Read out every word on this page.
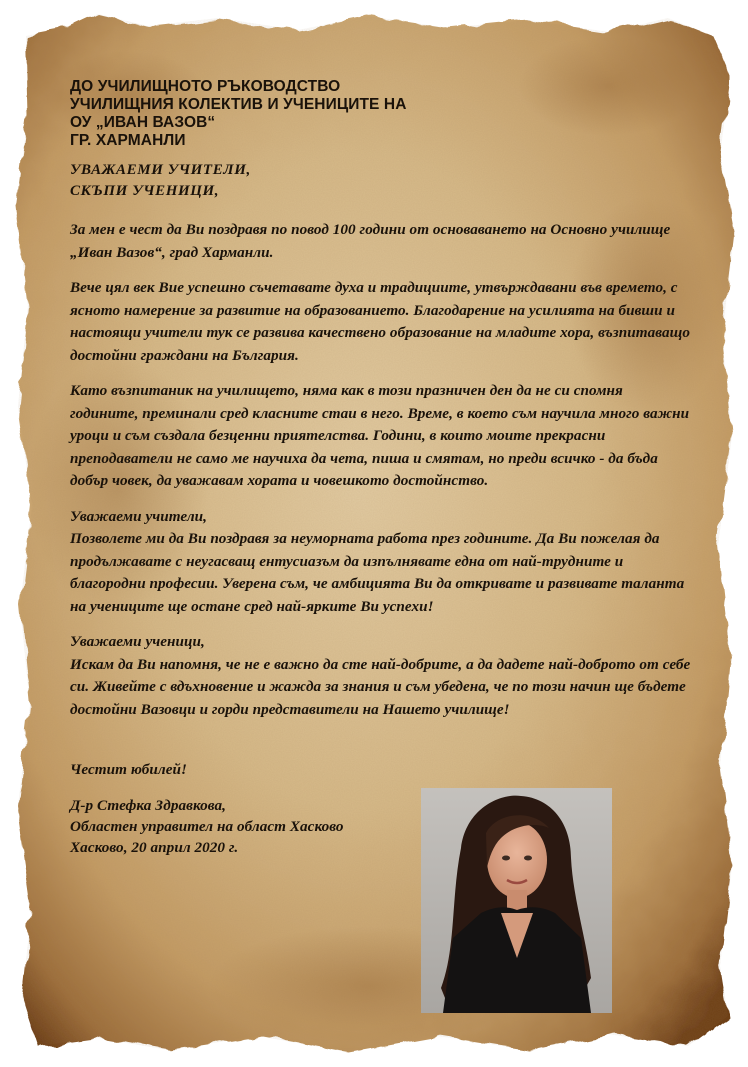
ДО УЧИЛИЩНОТО РЪКОВОДСТВО
УЧИЛИЩНИЯ КОЛЕКТИВ И УЧЕНИЦИТЕ НА
ОУ „ИВАН ВАЗОВ“
ГР. ХАРМАНЛИ
УВАЖАЕМИ УЧИТЕЛИ,
СКЪПИ УЧЕНИЦИ,

За мен е чест да Ви поздравя по повод 100 години от основаването на Основно училище „Иван Вазов“, град Харманли.

Вече цял век Вие успешно съчетавате духа и традициите, утвърждавани във времето, с ясното намерение за развитие на образованието. Благодарение на усилията на бивши и настоящи учители тук се развива качествено образование на младите хора, възпитаващо достойни граждани на България.

Като възпитаник на училището, няма как в този празничен ден да не си спомня годините, преминали сред класните стаи в него. Време, в което съм научила много важни уроци и съм създала безценни приятелства. Години, в които моите прекрасни преподаватели не само ме научиха да чета, пиша и смятам, но преди всичко - да бъда добър човек, да уважавам хората и човешкото достойнство.

Уважаеми учители,
Позволете ми да Ви поздравя за неуморната работа през годините. Да Ви пожелая да продължавате с неугасващ ентусиазъм да изпълнявате една от най-трудните и благородни професии. Уверена съм, че амбицията Ви да откривате и развивате таланта на учениците ще остане сред най-ярките Ви успехи!
Уважаеми ученици,
Искам да Ви напомня, че не е важно да сте най-добрите, а да дадете най-доброто от себе си. Живейте с вдъхновение и жажда за знания и съм убедена, че по този начин ще бъдете достойни Вазовци и горди представители на Нашето училище!

Честит юбилей!

Д-р Стефка Здравкова,
Областен управител на област Хасково
Хасково, 20 април 2020 г.
